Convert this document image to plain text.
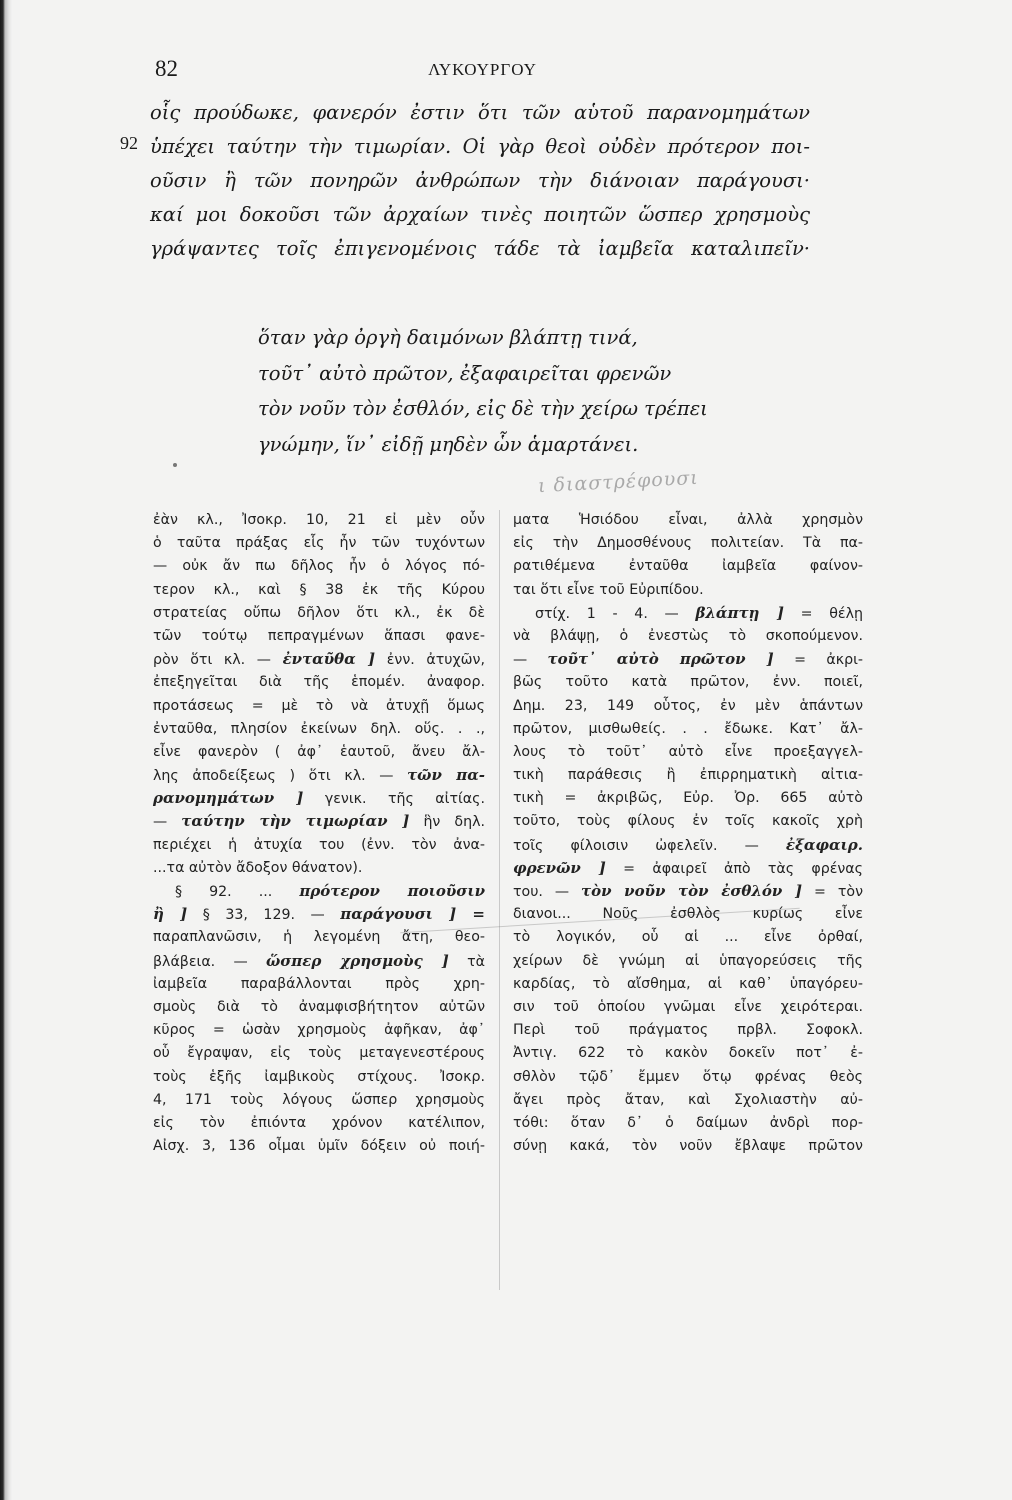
82	ΛΥΚΟΥΡΓΟΥ
92
οἷς προύδωκε, φανερόν ἐστιν ὅτι τῶν αὑτοῦ παρανομημάτων
ὑπέχει ταύτην τὴν τιμωρίαν. Οἱ γὰρ θεοὶ οὐδὲν πρότερον ποι-
οῦσιν ἢ τῶν πονηρῶν ἀνθρώπων τὴν διάνοιαν παράγουσι·
καί μοι δοκοῦσι τῶν ἀρχαίων τινὲς ποιητῶν ὥσπερ χρησμοὺς
γράψαντες τοῖς ἐπιγενομένοις τάδε τὰ ἰαμβεῖα καταλιπεῖν·
ὅταν γὰρ ὀργὴ δαιμόνων βλάπτῃ τινά,
τοῦτ᾿ αὐτὸ πρῶτον, ἐξαφαιρεῖται φρενῶν
τὸν νοῦν τὸν ἐσθλόν, εἰς δὲ τὴν χείρω τρέπει
γνώμην, ἵν᾿ εἰδῇ μηδὲν ὧν ἁμαρτάνει.
ι διαστρέφουσι
ἐὰν κλ., Ἰσοκρ. 10, 21 εἰ μὲν οὖν
ὁ ταῦτα πράξας εἷς ἦν τῶν τυχόντων
— οὐκ ἄν πω δῆλος ἦν ὁ λόγος πό-
τερον κλ., καὶ § 38 ἐκ τῆς Κύρου
στρατείας οὔπω δῆλον ὅτι κλ., ἐκ δὲ
τῶν τούτῳ πεπραγμένων ἅπασι φανε-
ρὸν ὅτι κλ. — ἐνταῦθα ] ἐνν. ἀτυχῶν,
ἐπεξηγεῖται διὰ τῆς ἑπομέν. ἀναφορ.
προτάσεως = μὲ τὸ νὰ ἀτυχῇ ὅμως
ἐνταῦθα, πλησίον ἐκείνων δηλ. οὕς. . .,
εἶνε φανερὸν ( ἀφ᾿ ἑαυτοῦ, ἄνευ ἄλ-
λης ἀποδείξεως ) ὅτι κλ. — τῶν πα-
ρανομημάτων ] γενικ. τῆς αἰτίας.
— ταύτην τὴν τιμωρίαν ] ἣν δηλ.
περιέχει ἡ ἀτυχία του (ἐνν. τὸν ἀνα-
...τα αὐτὸν ἄδοξον θάνατον).
§ 92. ... πρότερον ποιοῦσιν
ἢ ] § 33, 129. — παράγουσι ] =
παραπλανῶσιν, ἡ λεγομένη ἄτη, θεο-
βλάβεια. — ὥσπερ χρησμοὺς ] τὰ
ἰαμβεῖα παραβάλλονται πρὸς χρη-
σμοὺς διὰ τὸ ἀναμφισβήτητον αὐτῶν
κῦρος = ὡσὰν χρησμοὺς ἀφῆκαν, ἀφ᾿
οὗ ἔγραψαν, εἰς τοὺς μεταγενεστέρους
τοὺς ἑξῆς ἰαμβικοὺς στίχους. Ἰσοκρ.
4, 171 τοὺς λόγους ὥσπερ χρησμοὺς
εἰς τὸν ἐπιόντα χρόνον κατέλιπον,
Αἰσχ. 3, 136 οἶμαι ὑμῖν δόξειν οὐ ποιή-
ματα Ἡσιόδου εἶναι, ἀλλὰ χρησμὸν
εἰς τὴν Δημοσθένους πολιτείαν. Τὰ πα-
ρατιθέμενα ἐνταῦθα ἰαμβεῖα φαίνον-
ται ὅτι εἶνε τοῦ Εὐριπίδου.
στίχ. 1 - 4. — βλάπτῃ ] = θέλῃ
νὰ βλάψῃ, ὁ ἐνεστὼς τὸ σκοπούμενον.
— τοῦτ᾿ αὐτὸ πρῶτον ] = ἀκρι-
βῶς τοῦτο κατὰ πρῶτον, ἐνν. ποιεῖ,
Δημ. 23, 149 οὗτος, ἐν μὲν ἁπάντων
πρῶτον, μισθωθείς. . . ἔδωκε. Κατ᾿ ἄλ-
λους τὸ τοῦτ᾿ αὐτὸ εἶνε προεξαγγελ-
τικὴ παράθεσις ἢ ἐπιρρηματικὴ αἰτια-
τικὴ = ἀκριβῶς, Εὐρ. Ὀρ. 665 αὐτὸ
τοῦτο, τοὺς φίλους ἐν τοῖς κακοῖς χρὴ
τοῖς φίλοισιν ὠφελεῖν. — ἐξαφαιρ.
φρενῶν ] = ἀφαιρεῖ ἀπὸ τὰς φρένας
του. — τὸν νοῦν τὸν ἐσθλόν ] = τὸν
διανοι... Νοῦς ἐσθλὸς κυρίως εἶνε
τὸ λογικόν, οὗ αἱ ... εἶνε ὀρθαί,
χείρων δὲ γνώμη αἱ ὑπαγορεύσεις τῆς
καρδίας, τὸ αἴσθημα, αἱ καθ᾿ ὑπαγόρευ-
σιν τοῦ ὁποίου γνῶμαι εἶνε χειρότεραι.
Περὶ τοῦ πράγματος πρβλ. Σοφοκλ.
Ἀντιγ. 622 τὸ κακὸν δοκεῖν ποτ᾿ ἐ-
σθλὸν τῷδ᾿ ἔμμεν ὅτῳ φρένας θεὸς
ἄγει πρὸς ἄταν, καὶ Σχολιαστὴν αὐ-
τόθι: ὅταν δ᾿ ὁ δαίμων ἀνδρὶ πορ-
σύνῃ κακά, τὸν νοῦν ἔβλαψε πρῶτον
